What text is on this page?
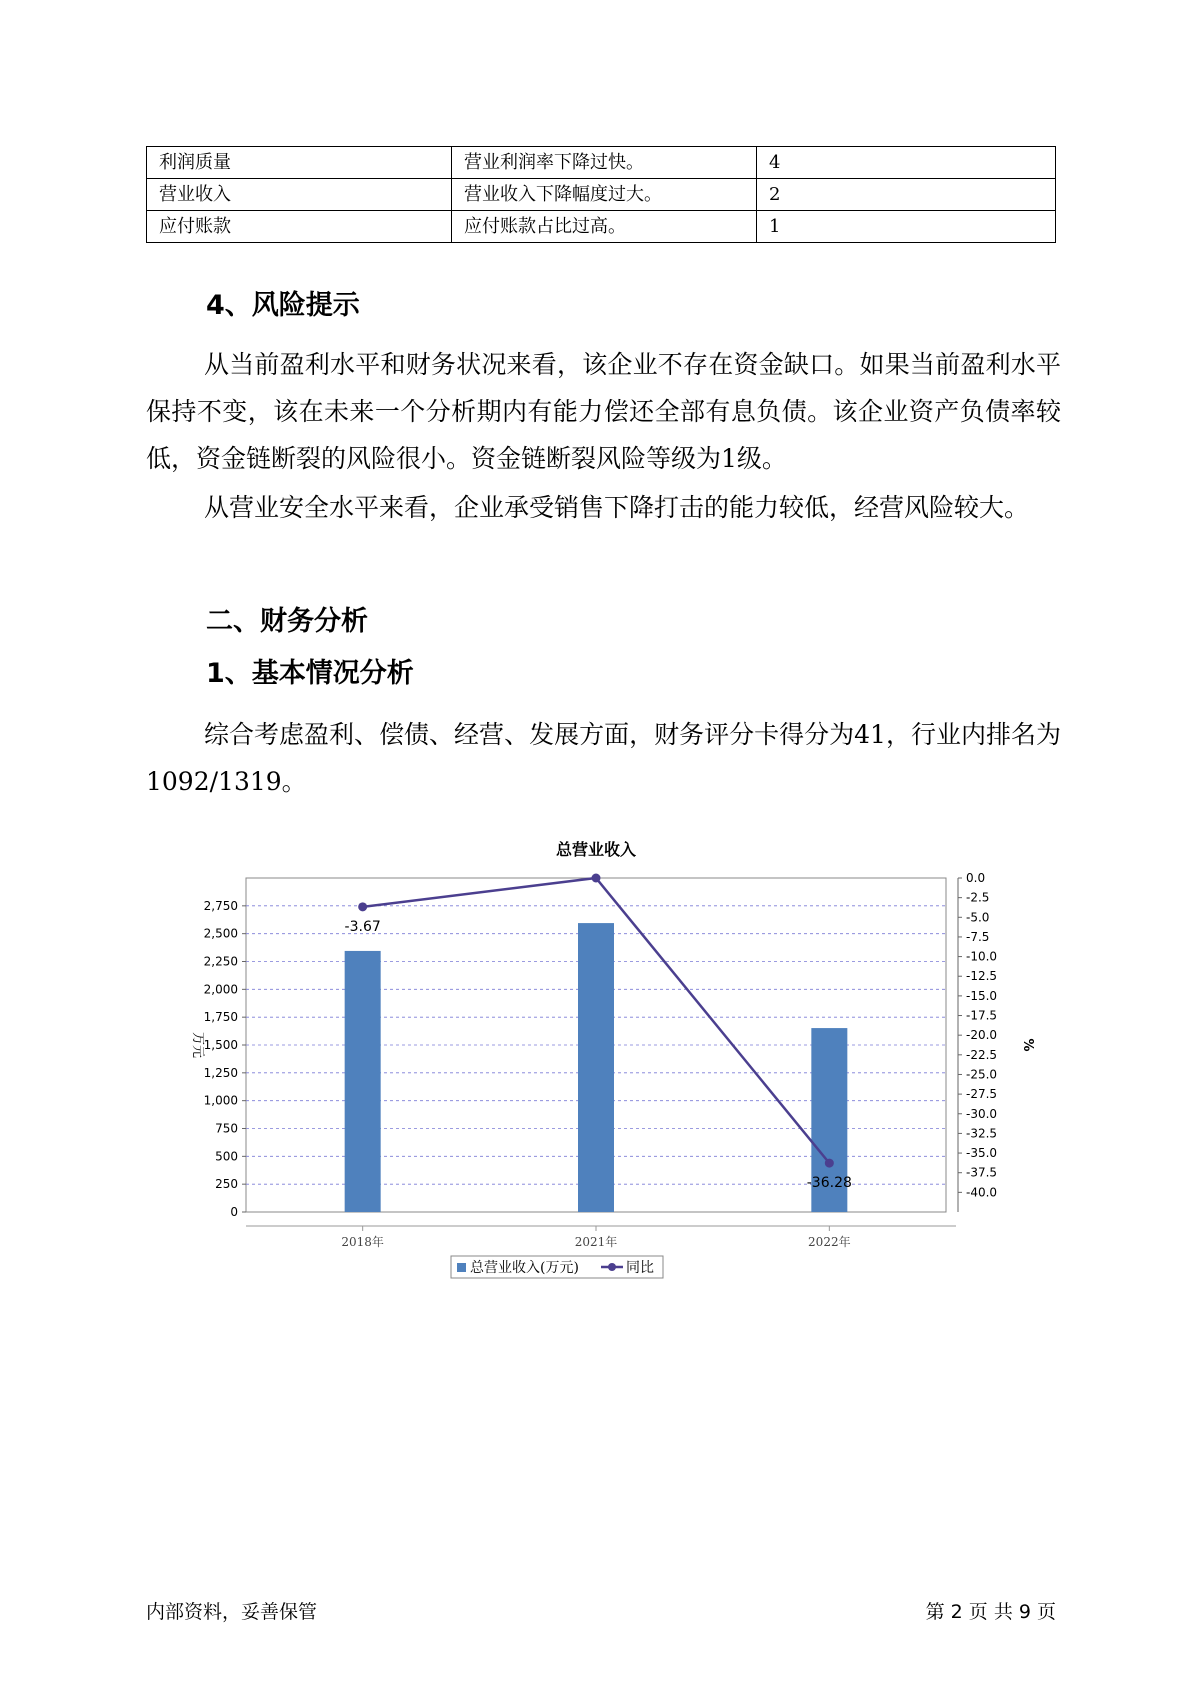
利润质量	营业利润率下降过快。	4
营业收入	营业收入下降幅度过大。	2
应付账款	应付账款占比过高。	1
4、风险提示

从当前盈利水平和财务状况来看，该企业不存在资金缺口。如果当前盈利水平保持不变，该在未来一个分析期内有能力偿还全部有息负债。该企业资产负债率较低，资金链断裂的风险很小。资金链断裂风险等级为1级。

从营业安全水平来看，企业承受销售下降打击的能力较低，经营风险较大。

二、财务分析
1、基本情况分析

综合考虑盈利、偿债、经营、发展方面，财务评分卡得分为41，行业内排名为1092/1319。

总营业收入
0
250
500
750
1,000
1,250
1,500
1,750
2,000
2,250
2,500
2,750
0.0
-2.5
-5.0
-7.5
-10.0
-12.5
-15.0
-17.5
-20.0
-22.5
-25.0
-27.5
-30.0
-32.5
-35.0
-37.5
-40.0
万元	%
2018年	2021年	2022年
-3.67
-36.28
总营业收入(万元)	同比
内部资料，妥善保管	第 2 页 共 9 页
